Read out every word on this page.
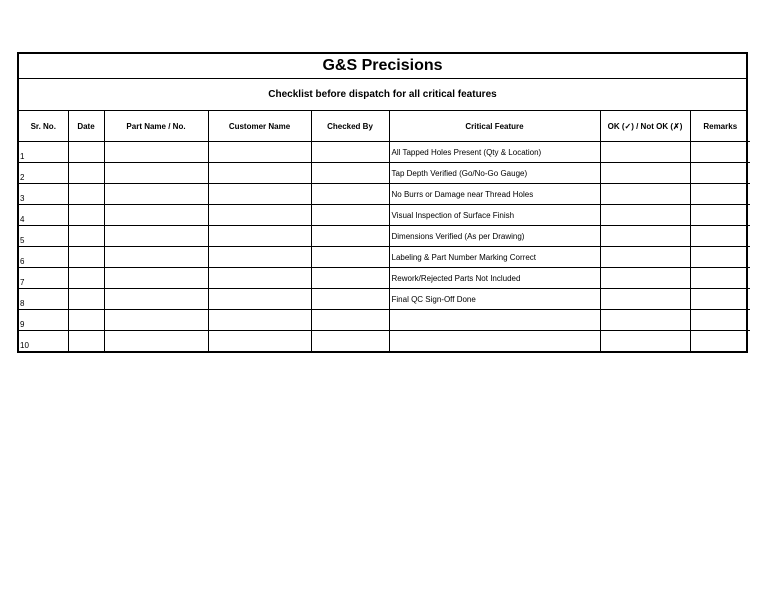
G&S Precisions
Checklist before dispatch for all critical features
Sr. No.	Date	Part Name / No.	Customer Name	Checked By	Critical Feature	OK (✓) / Not OK (✗)	Remarks
1					All Tapped Holes Present (Qty & Location)		
2					Tap Depth Verified (Go/No-Go Gauge)		
3					No Burrs or Damage near Thread Holes		
4					Visual Inspection of Surface Finish		
5					Dimensions Verified (As per Drawing)		
6					Labeling & Part Number Marking Correct		
7					Rework/Rejected Parts Not Included		
8					Final QC Sign-Off Done		
9							
10							
